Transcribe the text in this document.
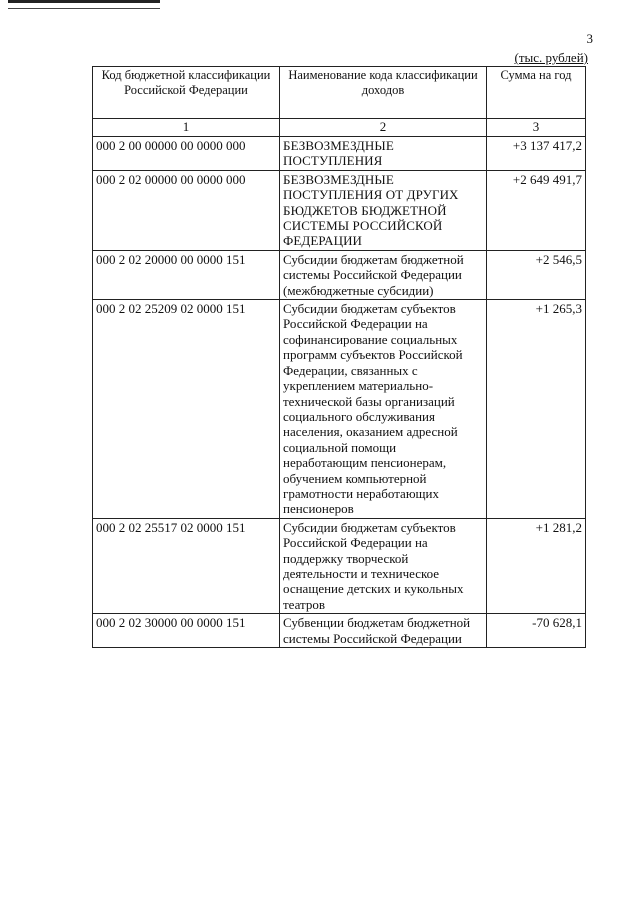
3
(тыс. рублей)
Код бюджетной классификации Российской Федерации	Наименование кода классификации доходов	Сумма на год
1	2	3
000 2 00 00000 00 0000 000	БЕЗВОЗМЕЗДНЫЕ ПОСТУПЛЕНИЯ	+3 137 417,2
000 2 02 00000 00 0000 000	БЕЗВОЗМЕЗДНЫЕ ПОСТУПЛЕНИЯ ОТ ДРУГИХ БЮДЖЕТОВ БЮДЖЕТНОЙ СИСТЕМЫ РОССИЙСКОЙ ФЕДЕРАЦИИ	+2 649 491,7
000 2 02 20000 00 0000 151	Субсидии бюджетам бюджетной системы Российской Федерации (межбюджетные субсидии)	+2 546,5
000 2 02 25209 02 0000 151	Субсидии бюджетам субъектов Российской Федерации на софинансирование социальных программ субъектов Российской Федерации, связанных с укреплением материально-технической базы организаций социального обслуживания населения, оказанием адресной социальной помощи неработающим пенсионерам, обучением компьютерной грамотности неработающих пенсионеров	+1 265,3
000 2 02 25517 02 0000 151	Субсидии бюджетам субъектов Российской Федерации на поддержку творческой деятельности и техническое оснащение детских и кукольных театров	+1 281,2
000 2 02 30000 00 0000 151	Субвенции бюджетам бюджетной системы Российской Федерации	-70 628,1
